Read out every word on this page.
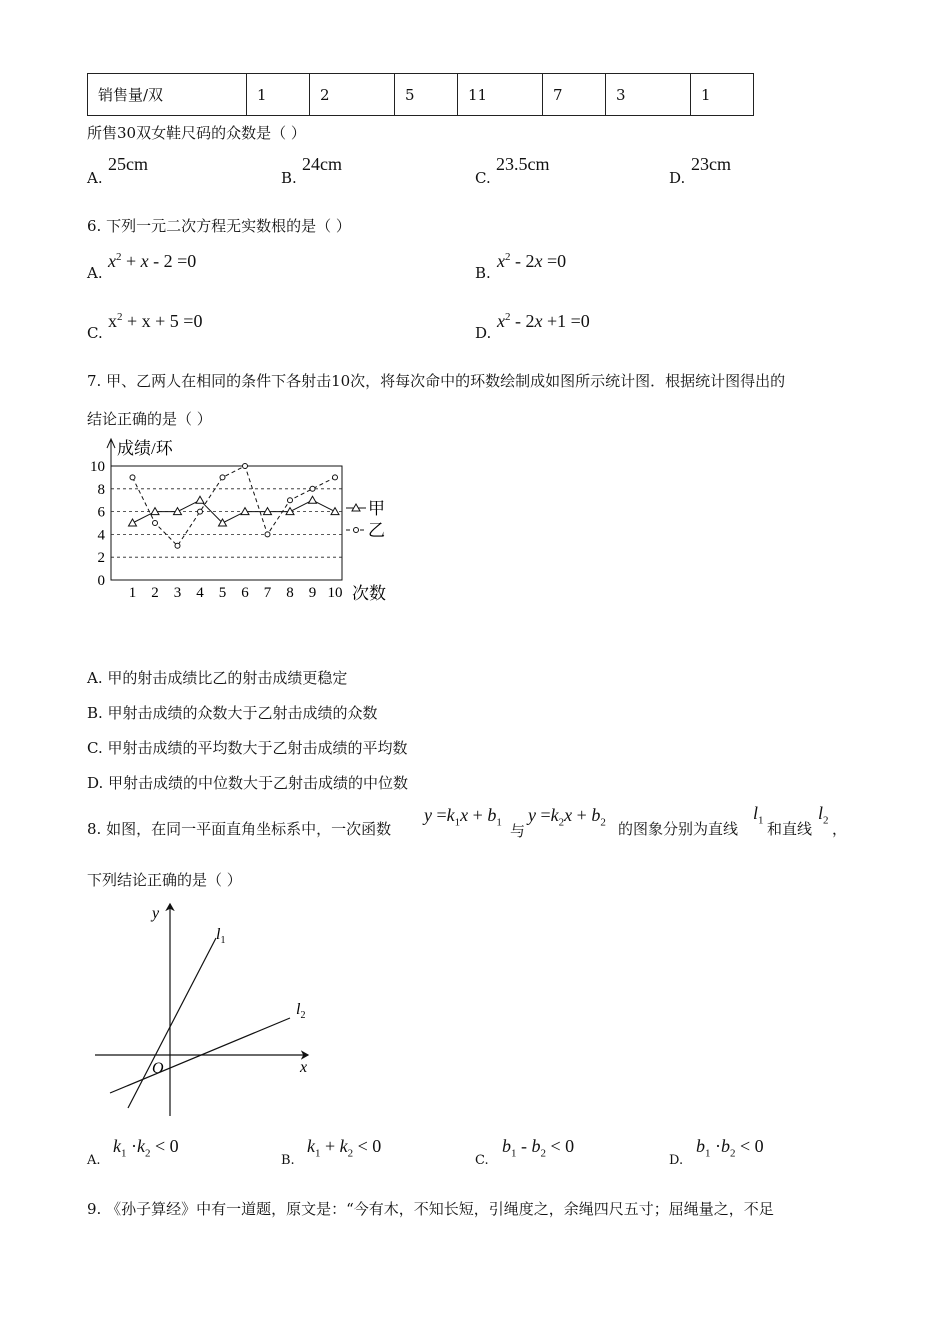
销售量/双	1	2	5	11	7	3	1
所售30双女鞋尺码的众数是（ ）
A.
25cm
B.
24cm
C.
23.5cm
D.
23cm
6. 下列一元二次方程无实数根的是（ ）
A.
$x^2 + x - 2 =0$
B.
$x^2 - 2x =0$
C.
$x^2 + x + 5 =0$
D.
$x^2 - 2x +1 =0$
7. 甲、乙两人在相同的条件下各射击10次，将每次命中的环数绘制成如图所示统计图．根据统计图得出的
结论正确的是（ ）
0
2
4
6
8
10
1 2 3 4 5 6 7 8 9 10
成绩/环
次数
甲
乙
A. 甲的射击成绩比乙的射击成绩更稳定
B. 甲射击成绩的众数大于乙射击成绩的众数
C. 甲射击成绩的平均数大于乙射击成绩的平均数
D. 甲射击成绩的中位数大于乙射击成绩的中位数
8. 如图，在同一平面直角坐标系中，一次函数
$y =k_1x + b_1$ 与
$y =k_2x + b_2$ 的图象分别为直线
$l_1$ 和直线
$l_2$ ，
下列结论正确的是（ ）
y
x
O
$l_1$
$l_2$
A.
$k_1 \cdot k_2 < 0$
B.
$k_1 + k_2 < 0$
C.
$b_1 - b_2 < 0$
D.
$b_1 \cdot b_2 < 0$
9. 《孙子算经》中有一道题，原文是：“今有木，不知长短，引绳度之，余绳四尺五寸；屈绳量之，不足
